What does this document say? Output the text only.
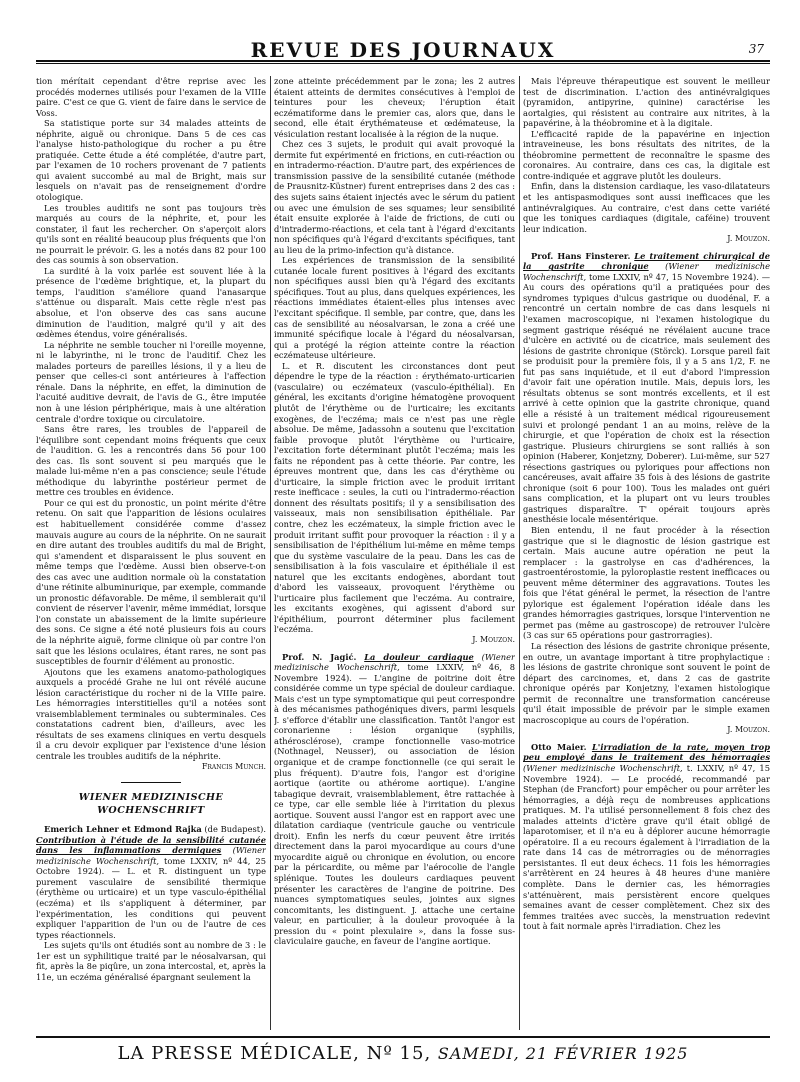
REVUE DES JOURNAUX	37

tion mérítait cependant d'être reprise avec les procédés modernes utilisés pour l'examen de la VIIIe paire. C'est ce que G. vient de faire dans le service de Voss.

Sa statistique porte sur 34 malades atteints de néphrite, aiguë ou chronique. Dans 5 de ces cas l'analyse histo-pathologique du rocher a pu être pratiquée. Cette étude a été complétée, d'autre part, par l'examen de 10 rochers provenant de 7 patients qui avaient succombé au mal de Bright, mais sur lesquels on n'avait pas de renseignement d'ordre otologique.

Les troubles auditifs ne sont pas toujours très marqués au cours de la néphrite, et, pour les constater, il faut les rechercher. On s'aperçoit alors qu'ils sont en réalité beaucoup plus fréquents que l'on ne pourrait le prévoir. G. les a notés dans 82 pour 100 des cas soumis à son observation.

La surdité à la voix parlée est souvent liée à la présence de l'œdème brightique, et, la plupart du temps, l'audition s'améliore quand l'anasarque s'atténue ou disparaît. Mais cette règle n'est pas absolue, et l'on observe des cas sans aucune diminution de l'audition, malgré qu'il y ait des œdèmes étendus, voire généralisés.

La néphrite ne semble toucher ni l'oreille moyenne, ni le labyrinthe, ni le tronc de l'auditif. Chez les malades porteurs de pareilles lésions, il y a lieu de penser que celles-ci sont antérieures à l'affection rénale. Dans la néphrite, en effet, la diminution de l'acuité auditive devrait, de l'avis de G., être imputée non à une lésion périphérique, mais à une altération centrale d'ordre toxique ou circulatoire.

Sans être rares, les troubles de l'appareil de l'équilibre sont cependant moins fréquents que ceux de l'audition. G. les a rencontrés dans 56 pour 100 des cas. Ils sont souvent si peu marqués que le malade lui-même n'en a pas conscience; seule l'étude méthodique du labyrinthe postérieur permet de mettre ces troubles en évidence.

Pour ce qui est du pronostic, un point mérite d'être retenu. On sait que l'apparition de lésions oculaires est habituellement considérée comme d'assez mauvais augure au cours de la néphrite. On ne saurait en dire autant des troubles auditifs du mal de Bright, qui s'amendent et disparaissent le plus souvent en même temps que l'œdème. Aussi bien observe-t-on des cas avec une audition normale où la constatation d'une rétinite albuminurique, par exemple, commande un pronostic défavorable. De même, il semblerait qu'il convient de réserver l'avenir, même immédiat, lorsque l'on constate un abaissement de la limite supérieure des sons. Ce signe a été noté plusieurs fois au cours de la néphrite aiguë, forme clinique où par contre l'on sait que les lésions oculaires, étant rares, ne sont pas susceptibles de fournir d'élément au pronostic.

Ajoutons que les examens anatomo-pathologiques auxquels a procédé Grahe ne lui ont révélé aucune lésion caractéristique du rocher ni de la VIIIe paire. Les hémorragies interstitielles qu'il a notées sont vraisemblablement terminales ou subterminales. Ces constatations cadrent bien, d'ailleurs, avec les résultats de ses examens cliniques en vertu desquels il a cru devoir expliquer par l'existence d'une lésion centrale les troubles auditifs de la néphrite.

Francis Munch.
WIENER MEDIZINISCHE
WOCHENSCHRIFT

Emerich Lehner et Edmond Rajka (de Budapest). Contribution à l'étude de la sensibilité cutanée dans les inflammations dermiques (Wiener medizinische Wochenschrift, tome LXXIV, nº 44, 25 Octobre 1924). — L. et R. distinguent un type purement vasculaire de sensibilité thermique (érythème ou urticaire) et un type vasculo-épithélial (eczéma) et ils s'appliquent à déterminer, par l'expérimentation, les conditions qui peuvent expliquer l'apparition de l'un ou de l'autre de ces types réactionnels.

Les sujets qu'ils ont étudiés sont au nombre de 3 : le 1er est un syphilitique traité par le néosalvarsan, qui fit, après la 8e piqûre, un zona intercostal, et, après la 11e, un eczéma généralisé épargnant seulement la

zone atteinte précédemment par le zona; les 2 autres étaient atteints de dermites consécutives à l'emploi de teintures pour les cheveux; l'éruption était eczématiforme dans le premier cas, alors que, dans le second, elle était érythémateuse et œdémateuse, la vésiculation restant localisée à la région de la nuque.

Chez ces 3 sujets, le produit qui avait provoqué la dermite fut expérimenté en frictions, en cuti-réaction ou en intradermo-réaction. D'autre part, des expériences de transmission passive de la sensibilité cutanée (méthode de Prausnitz-Küstner) furent entreprises dans 2 des cas : des sujets sains étaient injectés avec le sérum du patient ou avec une émulsion de ses squames; leur sensibilité était ensuite explorée à l'aide de frictions, de cuti ou d'intradermo-réactions, et cela tant à l'égard d'excitants non spécifiques qu'à l'égard d'excitants spécifiques, tant au lieu de la primo-infection qu'à distance.

Les expériences de transmission de la sensibilité cutanée locale furent positives à l'égard des excitants non spécifiques aussi bien qu'à l'égard des excitants spécifiques. Tout au plus, dans quelques expériences, les réactions immédiates étaient-elles plus intenses avec l'excitant spécifique. Il semble, par contre, que, dans les cas de sensibilité au néosalvarsan, le zona a créé une immunité spécifique locale à l'égard du néosalvarsan, qui a protégé la région atteinte contre la réaction eczémateuse ultérieure.

L. et R. discutent les circonstances dont peut dépendre le type de la réaction : érythémato-urticarien (vasculaire) ou eczémateux (vasculo-épithélial). En général, les excitants d'origine hématogène provoquent plutôt de l'érythème ou de l'urticaire; les excitants exogènes, de l'eczéma; mais ce n'est pas une règle absolue. De même, Jadassohn a soutenu que l'excitation faible provoque plutôt l'érythème ou l'urticaire, l'excitation forte déterminant plutôt l'eczéma; mais les faits ne répondent pas à cette théorie. Par contre, les épreuves montrent que, dans les cas d'érythème ou d'urticaire, la simple friction avec le produit irritant reste inefficace : seules, la cuti ou l'intradermo-réaction donnent des résultats positifs; il y a sensibilisation des vaisseaux, mais non sensibilisation épithéliale. Par contre, chez les eczémateux, la simple friction avec le produit irritant suffit pour provoquer la réaction : il y a sensibilisation de l'épithélium lui-même en même temps que du système vasculaire de la peau. Dans les cas de sensibilisation à la fois vasculaire et épithéliale il est naturel que les excitants endogènes, abordant tout d'abord les vaisseaux, provoquent l'érythème ou l'urticaire plus facilement que l'eczéma. Au contraire, les excitants exogènes, qui agissent d'abord sur l'épithélium, pourront déterminer plus facilement l'eczéma.

J. Mouzon.

Prof. N. Jagić. La douleur cardiaque (Wiener medizinische Wochenschrift, tome LXXIV, nº 46, 8 Novembre 1924). — L'angine de poitrine doit être considérée comme un type spécial de douleur cardiaque. Mais c'est un type symptomatique qui peut correspondre à des mécanismes pathogéniques divers, parmi lesquels J. s'efforce d'établir une classification. Tantôt l'angor est coronarienne : lésion organique (syphilis, athérosclérose), crampe fonctionnelle vaso-motrice (Nothnagel, Neusser), ou association de lésion organique et de crampe fonctionnelle (ce qui serait le plus fréquent). D'autre fois, l'angor est d'origine aortique (aortite ou athérome aortique). L'angine tabagique devrait, vraisemblablement, être rattachée à ce type, car elle semble liée à l'irritation du plexus aortique. Souvent aussi l'angor est en rapport avec une dilatation cardiaque (ventricule gauche ou ventricule droit). Enfin les nerfs du cœur peuvent être irrités directement dans la paroi myocardique au cours d'une myocardite aiguë ou chronique en évolution, ou encore par la péricardite, ou même par l'aérocolie de l'angle splénique. Toutes les douleurs cardiaques peuvent présenter les caractères de l'angine de poitrine. Des nuances symptomatiques seules, jointes aux signes concomitants, les distinguent. J. attache une certaine valeur, en particulier, à la douleur provoquée à la pression du « point plexulaire », dans la fosse sus-claviculaire gauche, en faveur de l'angine aortique.

Mais l'épreuve thérapeutique est souvent le meilleur test de discrimination. L'action des antinévralgiques (pyramidon, antipyrine, quinine) caractérise les aortalgies, qui résistent au contraire aux nitrites, à la papavérine, à la théobromine et à la digitale.

L'efficacité rapide de la papavérine en injection intraveineuse, les bons résultats des nitrites, de la théobromine permettent de reconnaître le spasme des coronaires. Au contraire, dans ces cas, la digitale est contre-indiquée et aggrave plutôt les douleurs.

Enfin, dans la distension cardiaque, les vaso-dilatateurs et les antispasmodiques sont aussi inefficaces que les antinévralgiques. Au contraire, c'est dans cette variété que les toniques cardiaques (digitale, caféine) trouvent leur indication.

J. Mouzon.

Prof. Hans Finsterer. Le traitement chirurgical de la gastrite chronique (Wiener medizinische Wochenschrift, tome LXXIV, nº 47, 15 Novembre 1924). — Au cours des opérations qu'il a pratiquées pour des syndromes typiques d'ulcus gastrique ou duodénal, F. a rencontré un certain nombre de cas dans lesquels ni l'examen macroscopique, ni l'examen histologique du segment gastrique réséqué ne révélaient aucune trace d'ulcère en activité ou de cicatrice, mais seulement des lésions de gastrite chronique (Störck). Lorsque pareil fait se produisit pour la première fois, il y a 5 ans 1/2, F. ne fut pas sans inquiétude, et il eut d'abord l'impression d'avoir fait une opération inutile. Mais, depuis lors, les résultats obtenus se sont montrés excellents, et il est arrivé à cette opinion que la gastrite chronique, quand elle a résisté à un traitement médical rigoureusement suivi et prolongé pendant 1 an au moins, relève de la chirurgie, et que l'opération de choix est la résection gastrique. Plusieurs chirurgiens se sont ralliés à son opinion (Haberer, Konjetzny, Doberer). Lui-même, sur 527 résections gastriques ou pyloriques pour affections non cancéreuses, avait affaire 35 fois à des lésions de gastrite chronique (soit 6 pour 100). Tous les malades ont guéri sans complication, et la plupart ont vu leurs troubles gastriques disparaître. T' opérait toujours après anesthésie locale mésentérique.

Bien entendu, il ne faut procéder à la résection gastrique que si le diagnostic de lésion gastrique est certain. Mais aucune autre opération ne peut la remplacer : la gastrolyse en cas d'adhérences, la gastroentérostomie, la pyloroplastie restent inefficaces ou peuvent même déterminer des aggravations. Toutes les fois que l'état général le permet, la résection de l'antre pylorique est également l'opération idéale dans les grandes hémorragies gastriques, lorsque l'intervention ne permet pas (même au gastroscope) de retrouver l'ulcère (3 cas sur 65 opérations pour gastrorragies).

La résection des lésions de gastrite chronique présente, en outre, un avantage important à titre prophylactique : les lésions de gastrite chronique sont souvent le point de départ des carcinomes, et, dans 2 cas de gastrite chronique opérés par Konjetzny, l'examen histologique permit de reconnaître une transformation cancéreuse qu'il était impossible de prévoir par le simple examen macroscopique au cours de l'opération.

J. Mouzon.

Otto Maier. L'irradiation de la rate, moyen trop peu employé dans le traitement des hémorragies (Wiener medizinische Wochenschrift, t. LXXIV, nº 47, 15 Novembre 1924). — Le procédé, recommandé par Stephan (de Francfort) pour empêcher ou pour arrêter les hémorragies, a déjà reçu de nombreuses applications pratiques. M. l'a utilisé personnellement 8 fois chez des malades atteints d'ictère grave qu'il était obligé de laparotomiser, et il n'a eu à déplorer aucune hémorragie opératoire. Il a eu recours également à l'irradiation de la rate dans 14 cas de métrorragies ou de ménorragies persistantes. Il eut deux échecs. 11 fois les hémorragies s'arrêtèrent en 24 heures à 48 heures d'une manière complète. Dans le dernier cas, les hémorragies s'atténuèrent, mais persistèrent encore quelques semaines avant de cesser complètement. Chez six des femmes traitées avec succès, la menstruation redevint tout à fait normale après l'irradiation. Chez les

LA PRESSE MÉDICALE, Nº 15, SAMEDI, 21 FÉVRIER 1925
